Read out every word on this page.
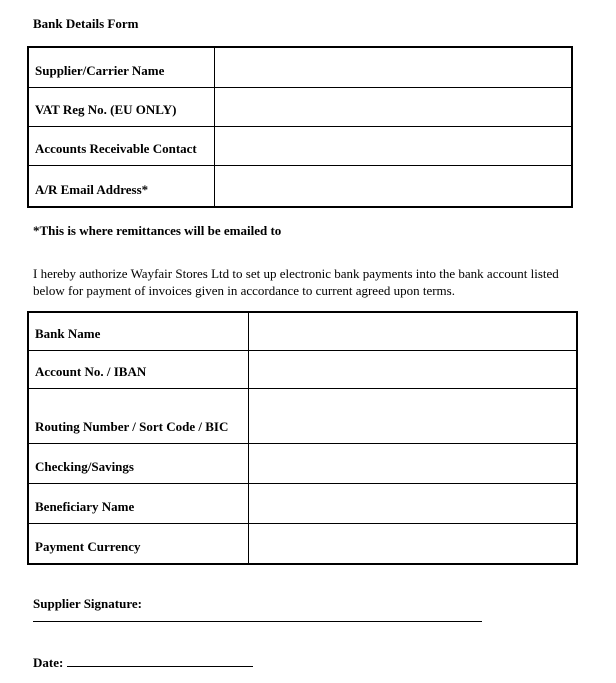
Bank Details Form
Supplier/Carrier Name
VAT Reg No. (EU ONLY)
Accounts Receivable Contact
A/R Email Address*
*This is where remittances will be emailed to
I hereby authorize Wayfair Stores Ltd to set up electronic bank payments into the bank account listed
below for payment of invoices given in accordance to current agreed upon terms.
Bank Name
Account No. / IBAN
Routing Number / Sort Code / BIC
Checking/Savings
Beneficiary Name
Payment Currency
Supplier Signature:
Date:
